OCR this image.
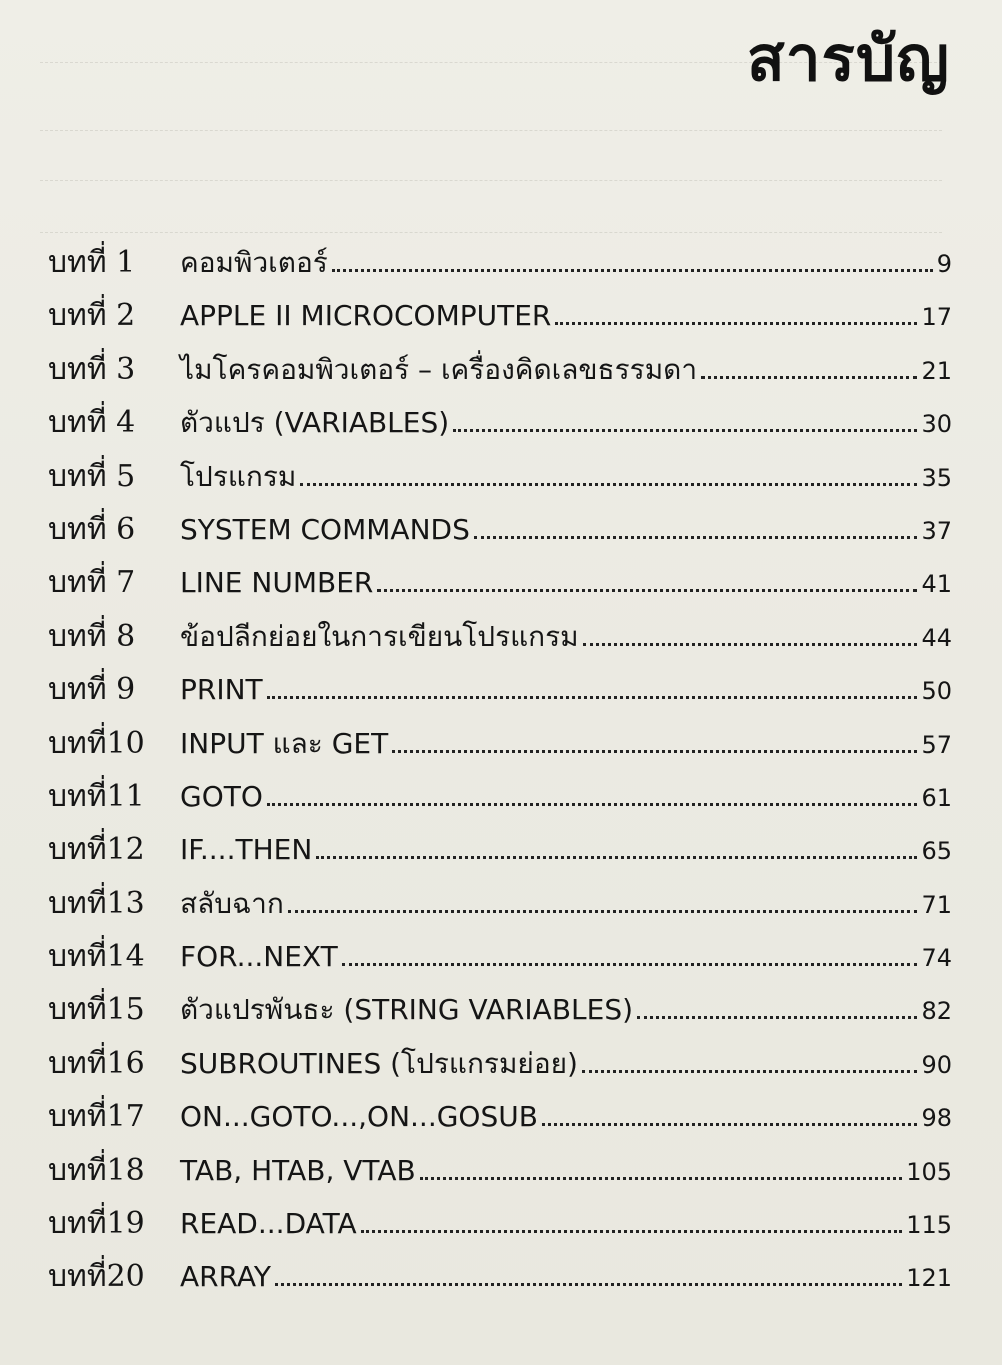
สารบัญ
บทที่ 1	คอมพิวเตอร์	9
บทที่ 2	APPLE II MICROCOMPUTER	17
บทที่ 3	ไมโครคอมพิวเตอร์ – เครื่องคิดเลขธรรมดา	21
บทที่ 4	ตัวแปร (VARIABLES)	30
บทที่ 5	โปรแกรม	35
บทที่ 6	SYSTEM COMMANDS	37
บทที่ 7	LINE NUMBER	41
บทที่ 8	ข้อปลีกย่อยในการเขียนโปรแกรม	44
บทที่ 9	PRINT	50
บทที่10	INPUT และ GET	57
บทที่11	GOTO	61
บทที่12	IF....THEN	65
บทที่13	สลับฉาก	71
บทที่14	FOR...NEXT	74
บทที่15	ตัวแปรพันธะ (STRING VARIABLES)	82
บทที่16	SUBROUTINES (โปรแกรมย่อย)	90
บทที่17	ON...GOTO...,ON...GOSUB	98
บทที่18	TAB, HTAB, VTAB	105
บทที่19	READ...DATA	115
บทที่20	ARRAY	121
